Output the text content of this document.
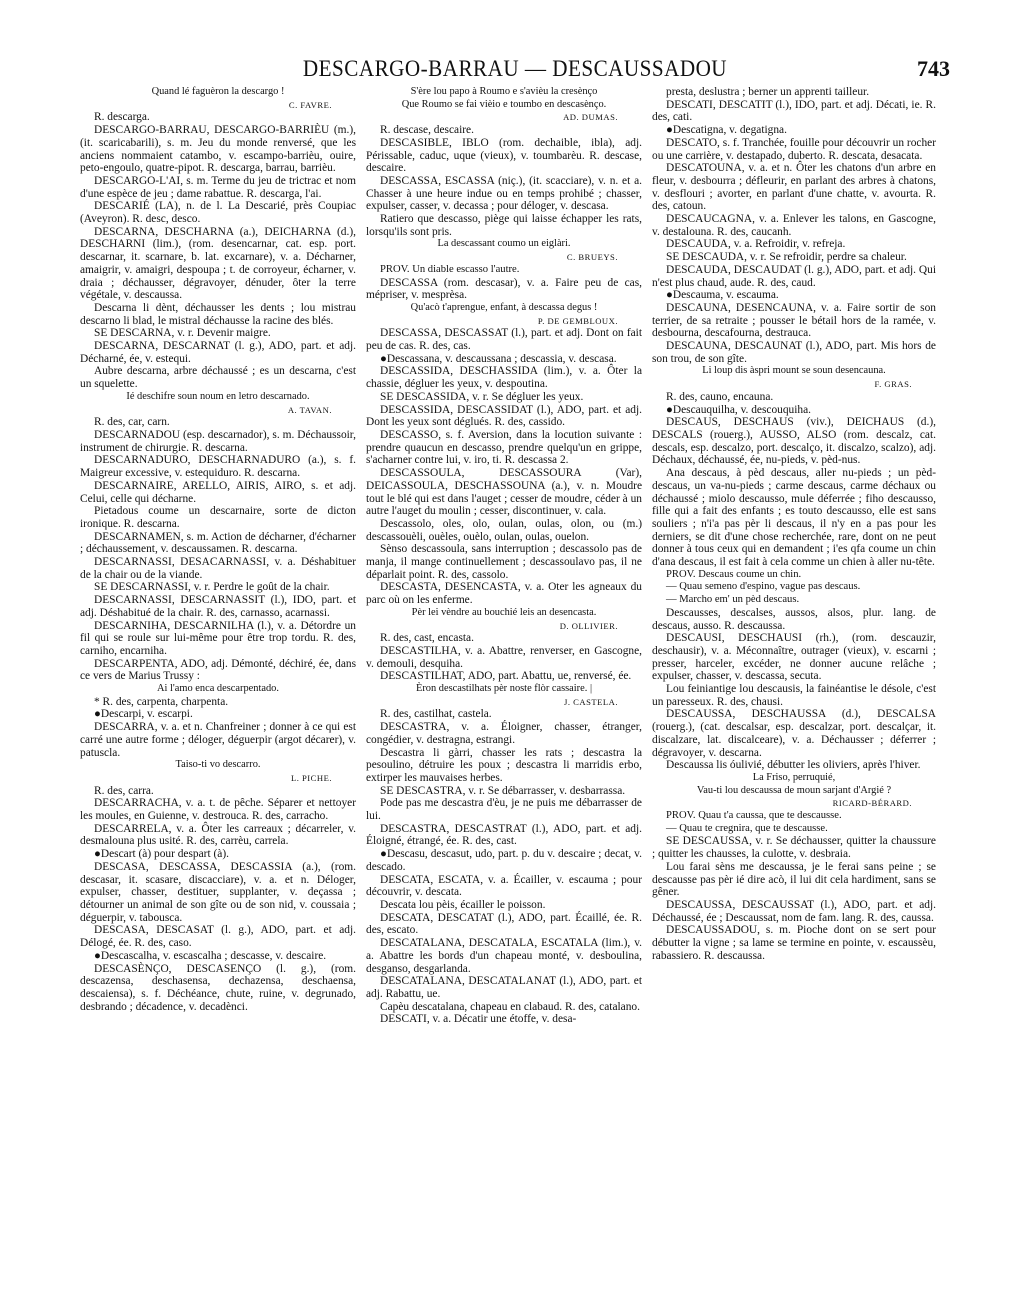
DESCARGO-BARRAU — DESCAUSSADOU	743

Quand lé faguèron la descargo !

C. FAVRE.

R. descarga.

DESCARGO-BARRAU, DESCARGO-BARRIÈU (m.), (it. scaricabarili), s. m. Jeu du monde renversé, que les anciens nommaient catambo, v. escampo-barrièu, ouire, peto-engoulo, quatre-pipot. R. descarga, barrau, barrièu.

DESCARGO-L'AI, s. m. Terme du jeu de trictrac et nom d'une espèce de jeu ; dame rabattue. R. descarga, l'ai.

DESCARIÉ (LA), n. de l. La Descarié, près Coupiac (Aveyron). R. desc, desco.

DESCARNA, DESCHARNA (a.), DEICHARNA (d.), DESCHARNI (lim.), (rom. desencarnar, cat. esp. port. descarnar, it. scarnare, b. lat. excarnare), v. a. Décharner, amaigrir, v. amaigri, despoupa ; t. de corroyeur, écharner, v. draia ; déchausser, dégravoyer, dénuder, ôter la terre végétale, v. descaussa.

Descarna li dènt, déchausser les dents ; lou mistrau descarno li blad, le mistral déchausse la racine des blés.

SE DESCARNA, v. r. Devenir maigre.

DESCARNA, DESCARNAT (l. g.), ADO, part. et adj. Décharné, ée, v. estequi.

Aubre descarna, arbre déchaussé ; es un descarna, c'est un squelette.

Ié deschifre soun noum en letro descarnado.

A. TAVAN.

R. des, car, carn.

DESCARNADOU (esp. descarnador), s. m. Déchaussoir, instrument de chirurgie. R. descarna.

DESCARNADURO, DESCHARNADURO (a.), s. f. Maigreur excessive, v. estequiduro. R. descarna.

DESCARNAIRE, ARELLO, AIRIS, AIRO, s. et adj. Celui, celle qui décharne.

Pietadous coume un descarnaire, sorte de dicton ironique. R. descarna.

DESCARNAMEN, s. m. Action de décharner, d'écharner ; déchaussement, v. descaussamen. R. descarna.

DESCARNASSI, DESACARNASSI, v. a. Déshabituer de la chair ou de la viande.

SE DESCARNASSI, v. r. Perdre le goût de la chair.

DESCARNASSI, DESCARNASSIT (l.), IDO, part. et adj. Déshabitué de la chair. R. des, carnasso, acarnassi.

DESCARNIHA, DESCARNILHA (l.), v. a. Détordre un fil qui se roule sur lui-même pour être trop tordu. R. des, carniho, encarniha.

DESCARPENTA, ADO, adj. Démonté, déchiré, ée, dans ce vers de Marius Trussy :

Ai l'amo enca descarpentado.

* R. des, carpenta, charpenta.

●Descarpi, v. escarpi.

DESCARRA, v. a. et n. Chanfreiner ; donner à ce qui est carré une autre forme ; déloger, déguerpir (argot décarer), v. patuscla.

Taiso-ti vo descarro.

L. PICHE.

R. des, carra.

DESCARRACHA, v. a. t. de pêche. Séparer et nettoyer les moules, en Guienne, v. destrouca. R. des, carracho.

DESCARRELA, v. a. Ôter les carreaux ; décarreler, v. desmalouna plus usité. R. des, carrèu, carrela.

●Descart (à) pour despart (à).

DESCASA, DESCASSA, DESCASSIA (a.), (rom. descasar, it. scasare, discacciare), v. a. et n. Déloger, expulser, chasser, destituer, supplanter, v. deçassa ; détourner un animal de son gîte ou de son nid, v. coussaia ; déguerpir, v. tabousca.

DESCASA, DESCASAT (l. g.), ADO, part. et adj. Délogé, ée. R. des, caso.

●Descascalha, v. escascalha ; descasse, v. descaire.

DESCASÈNÇO, DESCASENÇO (l. g.), (rom. descazensa, deschasensa, dechazensa, deschaensa, descaiensa), s. f. Déchéance, chute, ruine, v. degrunado, desbrando ; décadence, v. decadènci.

S'ère lou papo à Roumo e s'avièu la cresènço

Que Roumo se fai vièio e toumbo en descasènço.

AD. DUMAS.

R. descase, descaire.

DESCASIBLE, IBLO (rom. dechaible, ibla), adj. Périssable, caduc, uque (vieux), v. toumbarèu. R. descase, descaire.

DESCASSA, ESCASSA (niç.), (it. scacciare), v. n. et a. Chasser à une heure indue ou en temps prohibé ; chasser, expulser, casser, v. decassa ; pour déloger, v. descasa.

Ratiero que descasso, piège qui laisse échapper les rats, lorsqu'ils sont pris.

La descassant coumo un eiglàri.

C. BRUEYS.

PROV. Un diable escasso l'autre.

DESCASSA (rom. descasar), v. a. Faire peu de cas, mépriser, v. mesprèsa.

Qu'acò t'aprengue, enfant, à descassa degus !

P. DE GEMBLOUX.

DESCASSA, DESCASSAT (l.), part. et adj. Dont on fait peu de cas. R. des, cas.

●Descassana, v. descaussana ; descassia, v. descasa.

DESCASSIDA, DESCHASSIDA (lim.), v. a. Ôter la chassie, dégluer les yeux, v. despoutina.

SE DESCASSIDA, v. r. Se dégluer les yeux.

DESCASSIDA, DESCASSIDAT (l.), ADO, part. et adj. Dont les yeux sont déglués. R. des, cassido.

DESCASSO, s. f. Aversion, dans la locution suivante : prendre quaucun en descasso, prendre quelqu'un en grippe, s'acharner contre lui, v. iro, ti. R. descassa 2.

DESCASSOULA, DESCASSOURA (Var), DEICASSOULA, DESCHASSOUNA (a.), v. n. Moudre tout le blé qui est dans l'auget ; cesser de moudre, céder à un autre l'auget du moulin ; cesser, discontinuer, v. cala.

Descassolo, oles, olo, oulan, oulas, olon, ou (m.) descassouèli, ouèles, ouèlo, oulan, oulas, ouelon.

Sènso descassoula, sans interruption ; descassolo pas de manja, il mange continuellement ; descassoulavo pas, il ne déparlait point. R. des, cassolo.

DESCASTA, DESENCASTA, v. a. Oter les agneaux du parc où on les enferme.

Pèr lei vèndre au bouchié leis an desencasta.

D. OLLIVIER.

R. des, cast, encasta.

DESCASTILHA, v. a. Abattre, renverser, en Gascogne, v. demouli, desquiha.

DESCASTILHAT, ADO, part. Abattu, ue, renversé, ée.

Èron descastilhats pèr noste flòr cassaire. |

J. CASTELA.

R. des, castilhat, castela.

DESCASTRA, v. a. Éloigner, chasser, étranger, congédier, v. destragna, estrangi.

Descastra li gàrri, chasser les rats ; descastra la pesoulino, détruire les poux ; descastra li marridis erbo, extirper les mauvaises herbes.

SE DESCASTRA, v. r. Se débarrasser, v. desbarrassa.

Pode pas me descastra d'èu, je ne puis me débarrasser de lui.

DESCASTRA, DESCASTRAT (l.), ADO, part. et adj. Éloigné, étrangé, ée. R. des, cast.

●Descasu, descasut, udo, part. p. du v. descaire ; decat, v. descado.

DESCATA, ESCATA, v. a. Écailler, v. escauma ; pour découvrir, v. descata.

Descata lou pèis, écailler le poisson.

DESCATA, DESCATAT (l.), ADO, part. Écaillé, ée. R. des, escato.

DESCATALANA, DESCATALA, ESCATALA (lim.), v. a. Abattre les bords d'un chapeau monté, v. desboulina, desganso, desgarlanda.

DESCATALANA, DESCATALANAT (l.), ADO, part. et adj. Rabattu, ue.

Capèu descatalana, chapeau en clabaud. R. des, catalano.

DESCATI, v. a. Décatir une étoffe, v. desa-

presta, deslustra ; berner un apprenti tailleur.

DESCATI, DESCATIT (l.), IDO, part. et adj. Décati, ie. R. des, cati.

●Descatigna, v. degatigna.

DESCATO, s. f. Tranchée, fouille pour découvrir un rocher ou une carrière, v. destapado, duberto. R. descata, desacata.

DESCATOUNA, v. a. et n. Ôter les chatons d'un arbre en fleur, v. desbourra ; défleurir, en parlant des arbres à chatons, v. desflouri ; avorter, en parlant d'une chatte, v. avourta. R. des, catoun.

DESCAUCAGNA, v. a. Enlever les talons, en Gascogne, v. destalouna. R. des, caucanh.

DESCAUDA, v. a. Refroidir, v. refreja.

SE DESCAUDA, v. r. Se refroidir, perdre sa chaleur.

DESCAUDA, DESCAUDAT (l. g.), ADO, part. et adj. Qui n'est plus chaud, aude. R. des, caud.

●Descauma, v. escauma.

DESCAUNA, DESENCAUNA, v. a. Faire sortir de son terrier, de sa retraite ; pousser le bétail hors de la ramée, v. desbourna, descafourna, destrauca.

DESCAUNA, DESCAUNAT (l.), ADO, part. Mis hors de son trou, de son gîte.

Li loup dis àspri mount se soun desencauna.

F. GRAS.

R. des, cauno, encauna.

●Descauquilha, v. descouquiha.

DESCAUS, DESCHAUS (viv.), DEICHAUS (d.), DESCALS (rouerg.), AUSSO, ALSO (rom. descalz, cat. descals, esp. descalzo, port. descalço, it. discalzo, scalzo), adj. Déchaux, déchaussé, ée, nu-pieds, v. pèd-nus.

Ana descaus, à pèd descaus, aller nu-pieds ; un pèd-descaus, un va-nu-pieds ; carme descaus, carme déchaux ou déchaussé ; miolo descausso, mule déferrée ; fiho descausso, fille qui a fait des enfants ; es touto descausso, elle est sans souliers ; n'i'a pas pèr li descaus, il n'y en a pas pour les derniers, se dit d'une chose recherchée, rare, dont on ne peut donner à tous ceux qui en demandent ; i'es qfa coume un chin d'ana descaus, il est fait à cela comme un chien à aller nu-tête.

PROV. Descaus coume un chin.

— Quau semeno d'espino, vague pas descaus.

— Marcho em' un pèd descaus.

Descausses, descalses, aussos, alsos, plur. lang. de descaus, ausso. R. descaussa.

DESCAUSI, DESCHAUSI (rh.), (rom. descauzir, deschausir), v. a. Méconnaître, outrager (vieux), v. escarni ; presser, harceler, excéder, ne donner aucune relâche ; expulser, chasser, v. descassa, secuta.

Lou feiniantige lou descausis, la fainéantise le désole, c'est un paresseux. R. des, chausi.

DESCAUSSA, DESCHAUSSA (d.), DESCALSA (rouerg.), (cat. descalsar, esp. descalzar, port. descalçar, it. discalzare, lat. discalceare), v. a. Déchausser ; déferrer ; dégravoyer, v. descarna.

Descaussa lis óulivié, débutter les oliviers, après l'hiver.

La Friso, perruquié,

Vau-ti lou descaussa de moun sarjant d'Argié ?

RICARD-BÉRARD.

PROV. Quau t'a caussa, que te descausse.

— Quau te cregnira, que te descausse.

SE DESCAUSSA, v. r. Se déchausser, quitter la chaussure ; quitter les chausses, la culotte, v. desbraia.

Lou farai sèns me descaussa, je le ferai sans peine ; se descausse pas pèr ié dire acò, il lui dit cela hardiment, sans se gêner.

DESCAUSSA, DESCAUSSAT (l.), ADO, part. et adj. Déchaussé, ée ; Descaussat, nom de fam. lang. R. des, caussa.

DESCAUSSADOU, s. m. Pioche dont on se sert pour débutter la vigne ; sa lame se termine en pointe, v. escaussèu, rabassiero. R. descaussa.
